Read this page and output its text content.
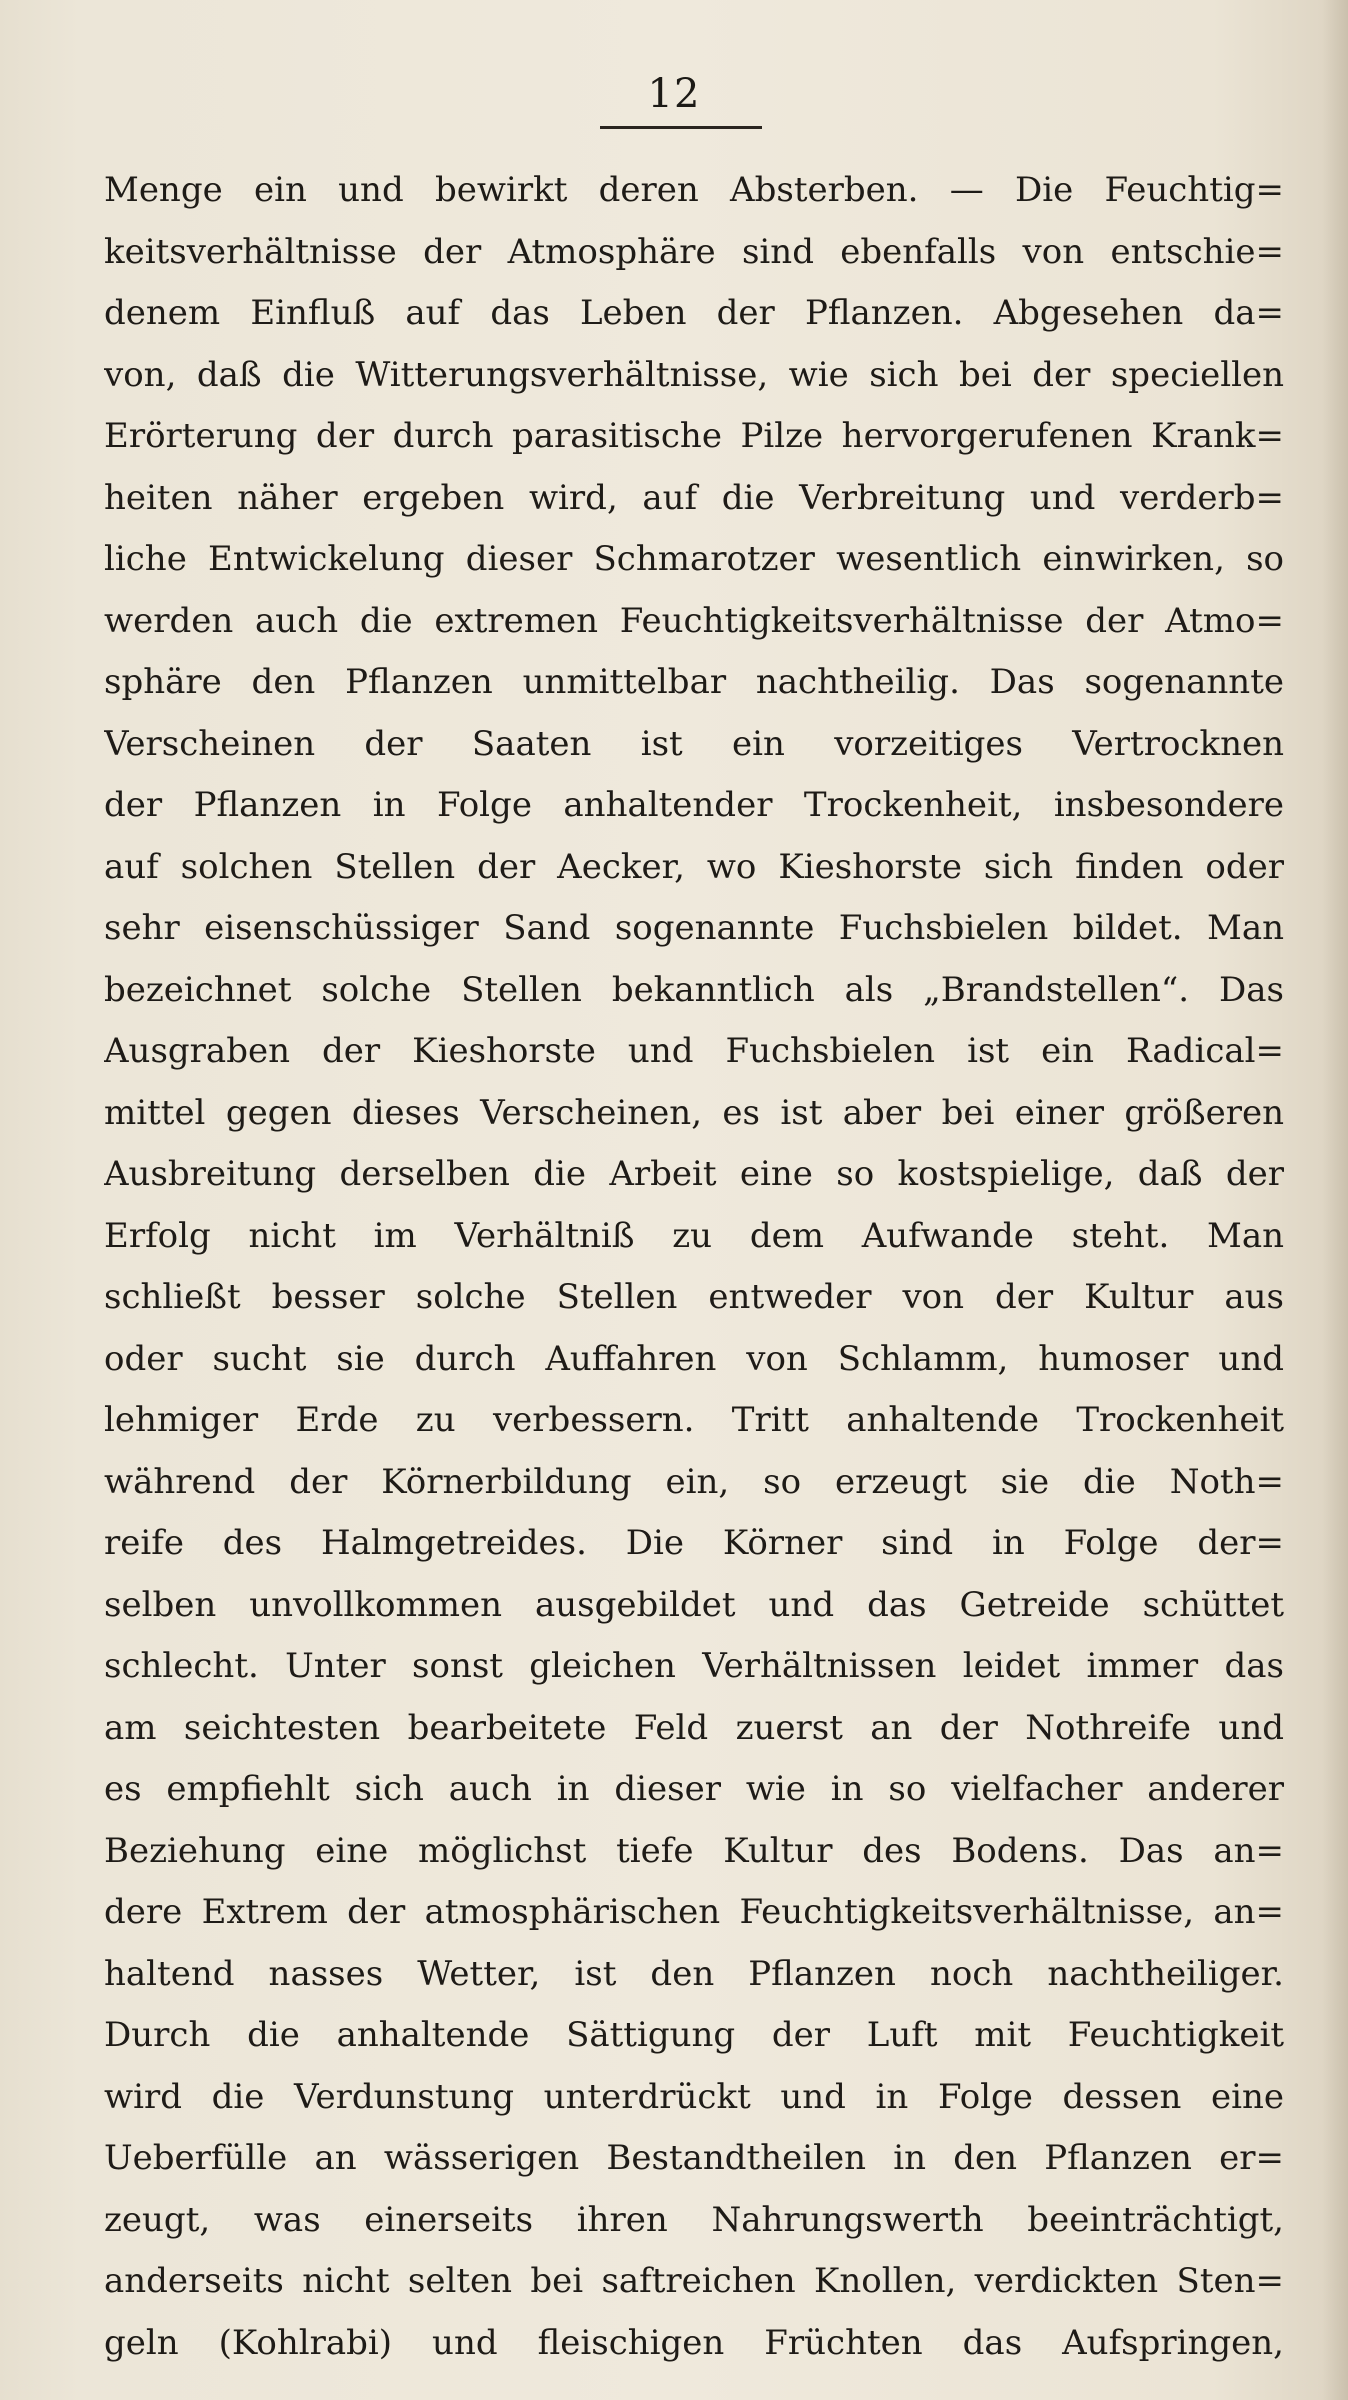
12
Menge ein und bewirkt deren Absterben. — Die Feuchtig=
keitsverhältnisse der Atmosphäre sind ebenfalls von entschie=
denem Einfluß auf das Leben der Pflanzen. Abgesehen da=
von, daß die Witterungsverhältnisse, wie sich bei der speciellen
Erörterung der durch parasitische Pilze hervorgerufenen Krank=
heiten näher ergeben wird, auf die Verbreitung und verderb=
liche Entwickelung dieser Schmarotzer wesentlich einwirken, so
werden auch die extremen Feuchtigkeitsverhältnisse der Atmo=
sphäre den Pflanzen unmittelbar nachtheilig. Das sogenannte
Verscheinen der Saaten ist ein vorzeitiges Vertrocknen
der Pflanzen in Folge anhaltender Trockenheit, insbesondere
auf solchen Stellen der Aecker, wo Kieshorste sich finden oder
sehr eisenschüssiger Sand sogenannte Fuchsbielen bildet. Man
bezeichnet solche Stellen bekanntlich als „Brandstellen“. Das
Ausgraben der Kieshorste und Fuchsbielen ist ein Radical=
mittel gegen dieses Verscheinen, es ist aber bei einer größeren
Ausbreitung derselben die Arbeit eine so kostspielige, daß der
Erfolg nicht im Verhältniß zu dem Aufwande steht. Man
schließt besser solche Stellen entweder von der Kultur aus
oder sucht sie durch Auffahren von Schlamm, humoser und
lehmiger Erde zu verbessern. Tritt anhaltende Trockenheit
während der Körnerbildung ein, so erzeugt sie die Noth=
reife des Halmgetreides. Die Körner sind in Folge der=
selben unvollkommen ausgebildet und das Getreide schüttet
schlecht. Unter sonst gleichen Verhältnissen leidet immer das
am seichtesten bearbeitete Feld zuerst an der Nothreife und
es empfiehlt sich auch in dieser wie in so vielfacher anderer
Beziehung eine möglichst tiefe Kultur des Bodens. Das an=
dere Extrem der atmosphärischen Feuchtigkeitsverhältnisse, an=
haltend nasses Wetter, ist den Pflanzen noch nachtheiliger.
Durch die anhaltende Sättigung der Luft mit Feuchtigkeit
wird die Verdunstung unterdrückt und in Folge dessen eine
Ueberfülle an wässerigen Bestandtheilen in den Pflanzen er=
zeugt, was einerseits ihren Nahrungswerth beeinträchtigt,
anderseits nicht selten bei saftreichen Knollen, verdickten Sten=
geln (Kohlrabi) und fleischigen Früchten das Aufspringen,
